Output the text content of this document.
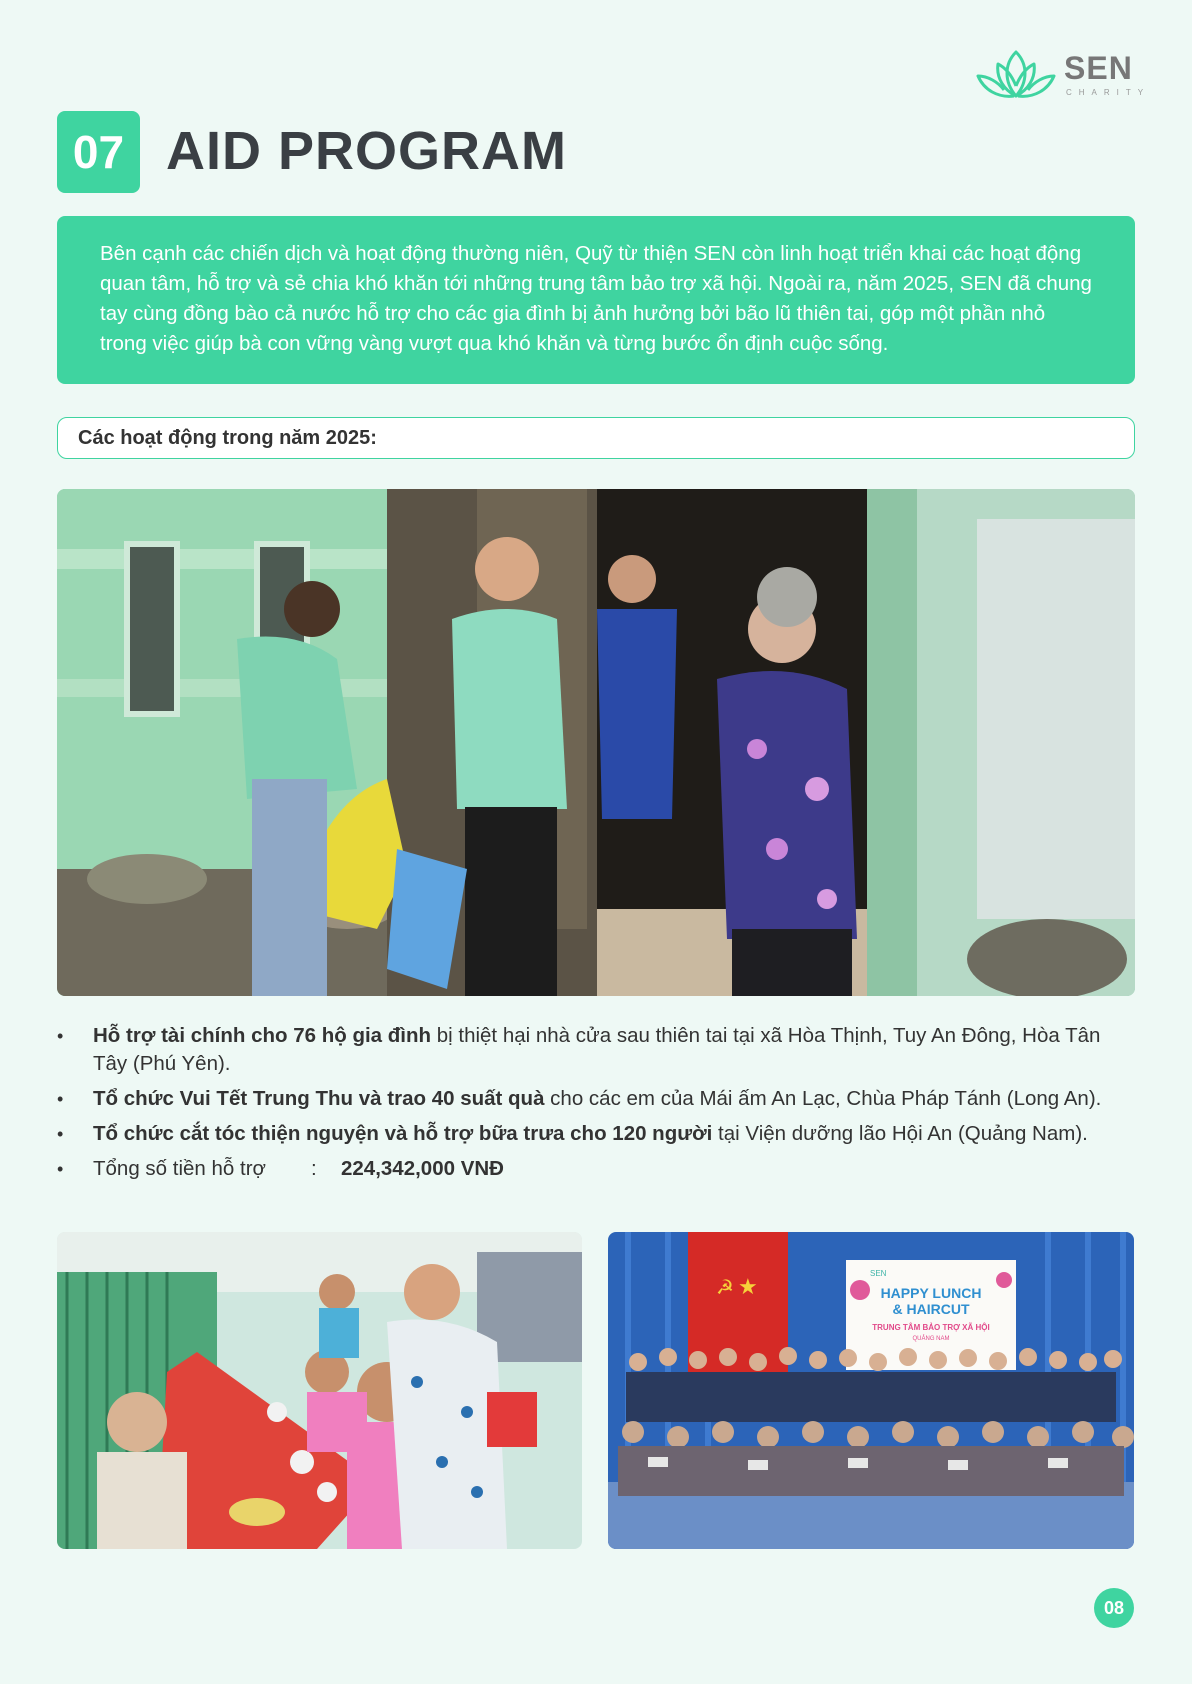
SEN
CHARITY
07 AID PROGRAM
Bên cạnh các chiến dịch và hoạt động thường niên, Quỹ từ thiện SEN còn linh hoạt triển khai các hoạt động quan tâm, hỗ trợ và sẻ chia khó khăn tới những trung tâm bảo trợ xã hội. Ngoài ra, năm 2025, SEN đã chung tay cùng đồng bào cả nước hỗ trợ cho các gia đình bị ảnh hưởng bởi bão lũ thiên tai, góp một phần nhỏ trong việc giúp bà con vững vàng vượt qua khó khăn và từng bước ổn định cuộc sống.
Các hoạt động trong năm 2025:
• Hỗ trợ tài chính cho 76 hộ gia đình bị thiệt hại nhà cửa sau thiên tai tại xã Hòa Thịnh, Tuy An Đông, Hòa Tân Tây (Phú Yên).
• Tổ chức Vui Tết Trung Thu và trao 40 suất quà cho các em của Mái ấm An Lạc, Chùa Pháp Tánh (Long An).
• Tổ chức cắt tóc thiện nguyện và hỗ trợ bữa trưa cho 120 người tại Viện dưỡng lão Hội An (Quảng Nam).
• Tổng số tiền hỗ trợ : 224,342,000 VNĐ
☭ ★
SEN
HAPPY LUNCH
& HAIRCUT
TRUNG TÂM BẢO TRỢ XÃ HỘI
QUẢNG NAM
08
